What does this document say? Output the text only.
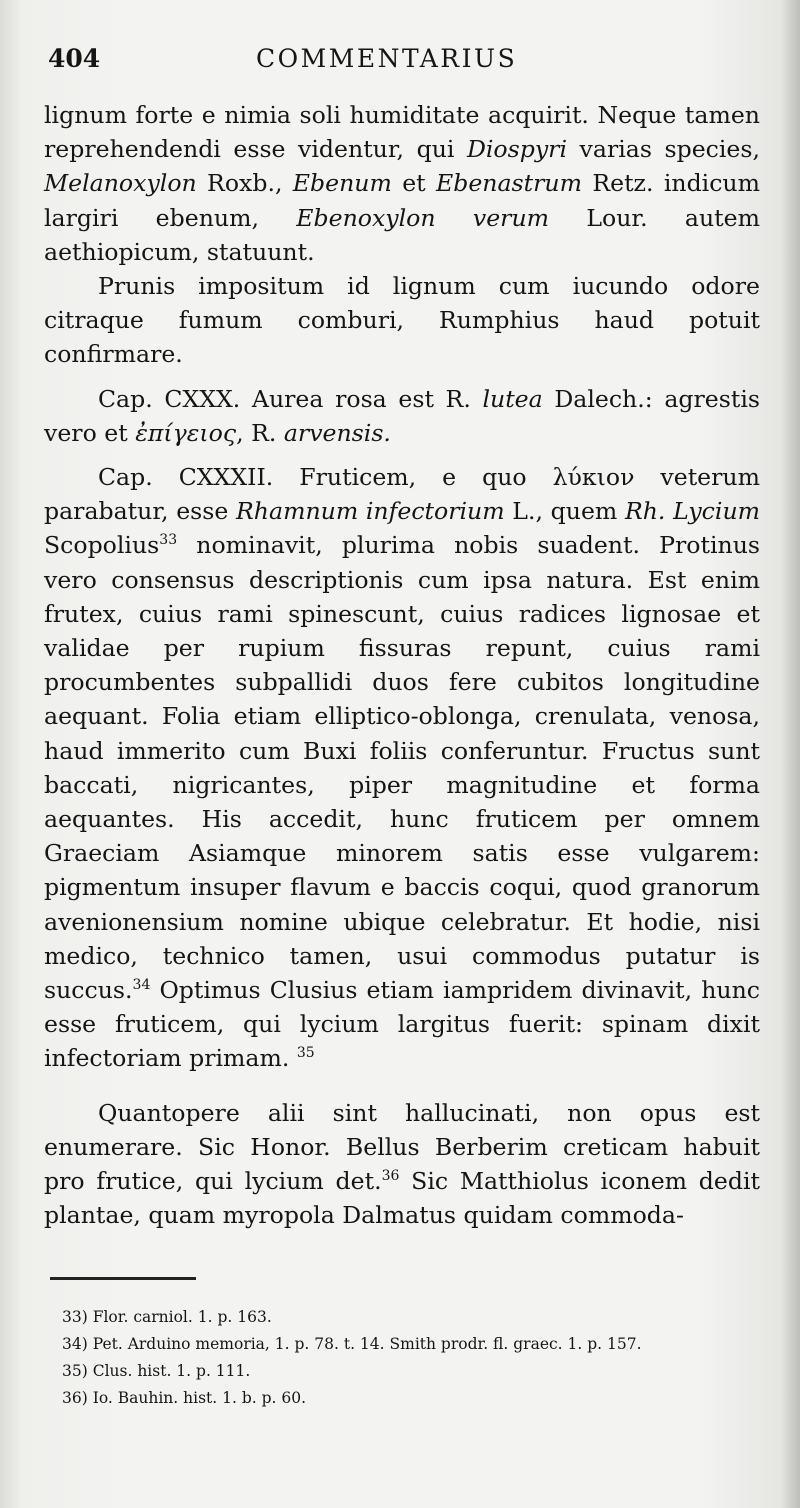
404	COMMENTARIUS

lignum forte e nimia soli humiditate acquirit. Neque tamen reprehendendi esse videntur, qui Diospyri varias species, Melanoxylon Roxb., Ebenum et Ebenastrum Retz. indicum largiri ebenum, Ebenoxylon verum Lour. autem aethiopicum, statuunt.

Prunis impositum id lignum cum iucundo odore citraque fumum comburi, Rumphius haud potuit confirmare.

Cap. CXXX. Aurea rosa est R. lutea Dalech.: agrestis vero et ἐπίγειος, R. arvensis.

Cap. CXXXII. Fruticem, e quo λύκιον veterum parabatur, esse Rhamnum infectorium L., quem Rh. Lycium Scopolius$^{33}$ nominavit, plurima nobis suadent. Protinus vero consensus descriptionis cum ipsa natura. Est enim frutex, cuius rami spinescunt, cuius radices lignosae et validae per rupium fissuras repunt, cuius rami procumbentes subpallidi duos fere cubitos longitudine aequant. Folia etiam elliptico-oblonga, crenulata, venosa, haud immerito cum Buxi foliis conferuntur. Fructus sunt baccati, nigricantes, piper magnitudine et forma aequantes. His accedit, hunc fruticem per omnem Graeciam Asiamque minorem satis esse vulgarem: pigmentum insuper flavum e baccis coqui, quod granorum avenionensium nomine ubique celebratur. Et hodie, nisi medico, technico tamen, usui commodus putatur is succus.$^{34}$ Optimus Clusius etiam iampridem divinavit, hunc esse fruticem, qui lycium largitus fuerit: spinam dixit infectoriam primam. $^{35}$

Quantopere alii sint hallucinati, non opus est enumerare. Sic Honor. Bellus Berberim creticam habuit pro frutice, qui lycium det.$^{36}$ Sic Matthiolus iconem dedit plantae, quam myropola Dalmatus quidam commoda-

33) Flor. carniol. 1. p. 163.

34) Pet. Arduino memoria, 1. p. 78. t. 14. Smith prodr. fl. graec. 1. p. 157.

35) Clus. hist. 1. p. 111.

36) Io. Bauhin. hist. 1. b. p. 60.
